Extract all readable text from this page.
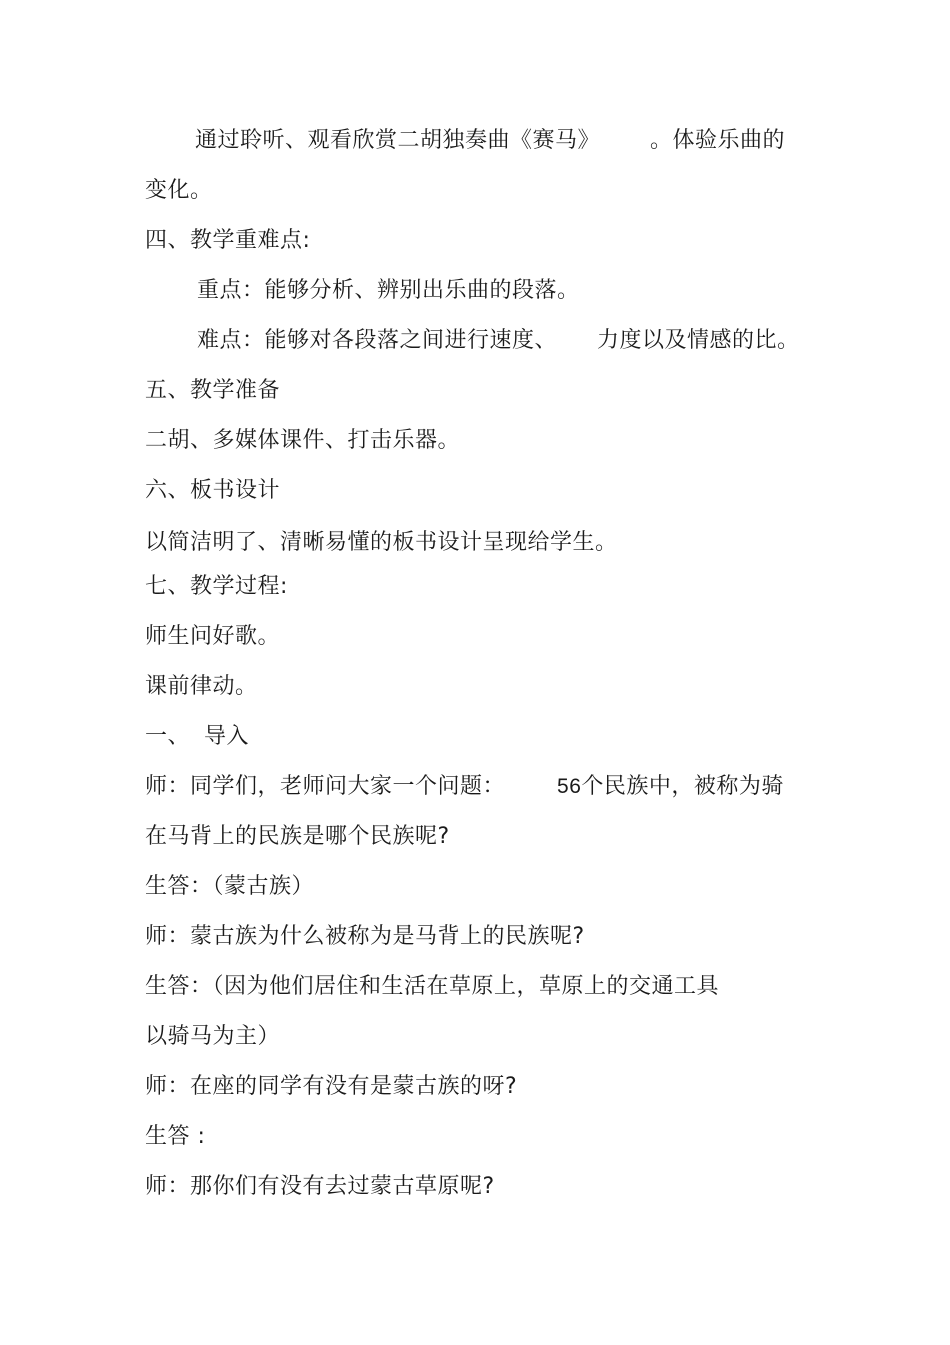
通过聆听、观看欣赏二胡独奏曲《赛马》 。体验乐曲的
变化。
四、教学重难点:
重点：能够分析、辨别出乐曲的段落。
难点：能够对各段落之间进行速度、 力度以及情感的比。
五、教学准备
二胡、多媒体课件、打击乐器。
六、板书设计
以简洁明了、清晰易懂的板书设计呈现给学生。
七、教学过程:
师生问好歌。
课前律动。
一、 导入
师：同学们，老师问大家一个问题： 56个民族中，被称为骑
在马背上的民族是哪个民族呢?
生答：（蒙古族）
师：蒙古族为什么被称为是马背上的民族呢?
生答：（因为他们居住和生活在草原上，草原上的交通工具
以骑马为主）
师：在座的同学有没有是蒙古族的呀?
生答 :
师：那你们有没有去过蒙古草原呢?
